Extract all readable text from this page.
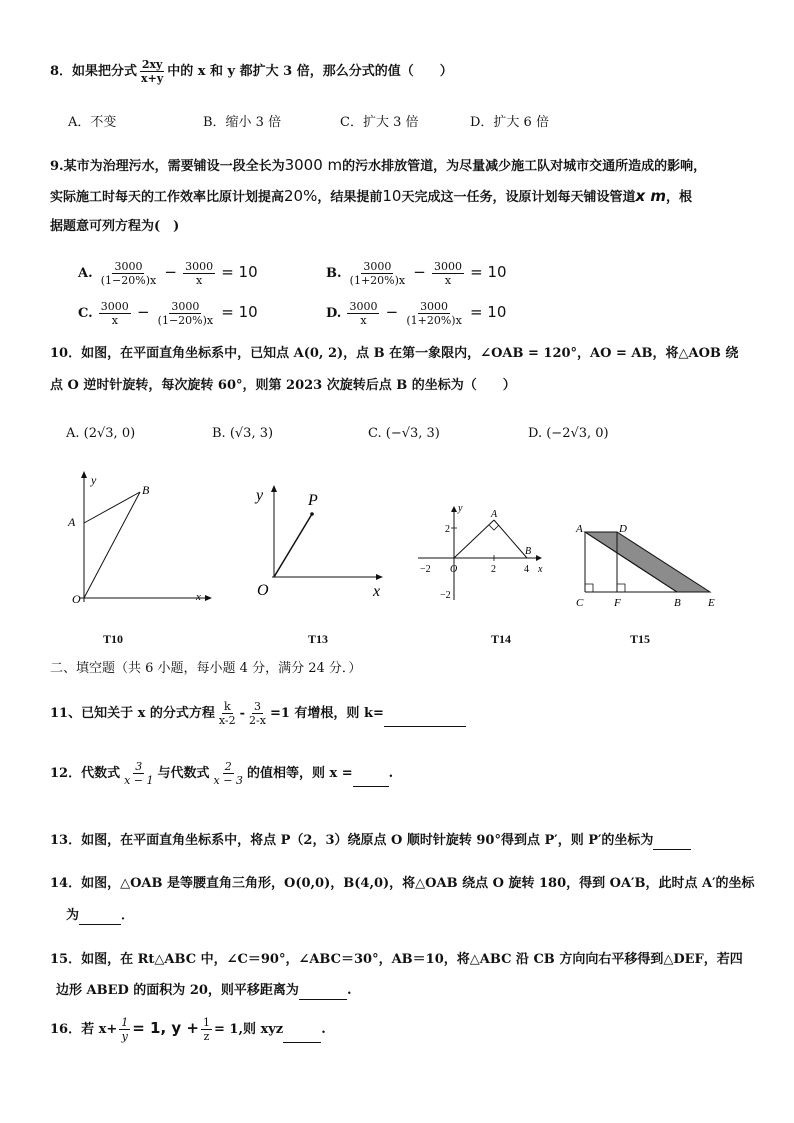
8．如果把分式 $\frac{2xy}{x+y}$ 中的 x 和 y 都扩大 3 倍，那么分式的值（　　）
A．不变	B．缩小 3 倍	C．扩大 3 倍	D．扩大 6 倍
9.某市为治理污水，需要铺设一段全长为3000 m的污水排放管道，为尽量减少施工队对城市交通所造成的影响，
实际施工时每天的工作效率比原计划提高20%，结果提前10天完成这一任务，设原计划每天铺设管道x m，根
据题意可列方程为(　)
A. $\frac{3000}{(1-20\%)x} - \frac{3000}{x} = 10$	B. $\frac{3000}{(1+20\%)x} - \frac{3000}{x} = 10$
C. $\frac{3000}{x} - \frac{3000}{(1-20\%)x} = 10$	D. $\frac{3000}{x} - \frac{3000}{(1+20\%)x} = 10$
10．如图，在平面直角坐标系中，已知点 A(0, 2)，点 B 在第一象限内，∠OAB = 120°，AO = AB，将△AOB 绕
点 O 逆时针旋转，每次旋转 60°，则第 2023 次旋转后点 B 的坐标为（　　）
A. (2√3, 0)	B. (√3, 3)	C. (−√3, 3)	D. (−2√3, 0)
y
B
A
O	x
y	P
O	x
y
A
2
B
−2 O	2	4 x
−2
A	D
C	F	B E
T10	T13	T14	T15
二、填空题（共 6 小题，每小题 4 分，满分 24 分．）
11、已知关于 x 的分式方程 $\frac{k}{x-2} - \frac{3}{2-x} =1$ 有增根，则 k=
12．代数式 $\frac{3}{x - 1}$ 与代数式 $\frac{2}{x - 3}$ 的值相等，则 x =	.
13．如图，在平面直角坐标系中，将点 P（2，3）绕原点 O 顺时针旋转 90°得到点 P′，则 P′的坐标为
14．如图，△OAB 是等腰直角三角形，O(0,0)，B(4,0)，将△OAB 绕点 O 旋转 180，得到 OA′B，此时点 A′的坐标
为	．
15．如图，在 Rt△ABC 中，∠C＝90°，∠ABC＝30°，AB＝10，将△ABC 沿 CB 方向向右平移得到△DEF，若四
边形 ABED 的面积为 20，则平移距离为	.
16．若 $x+ \frac{1}{y} = 1$, $y + \frac{1}{z} = 1$,则 xyz	.
